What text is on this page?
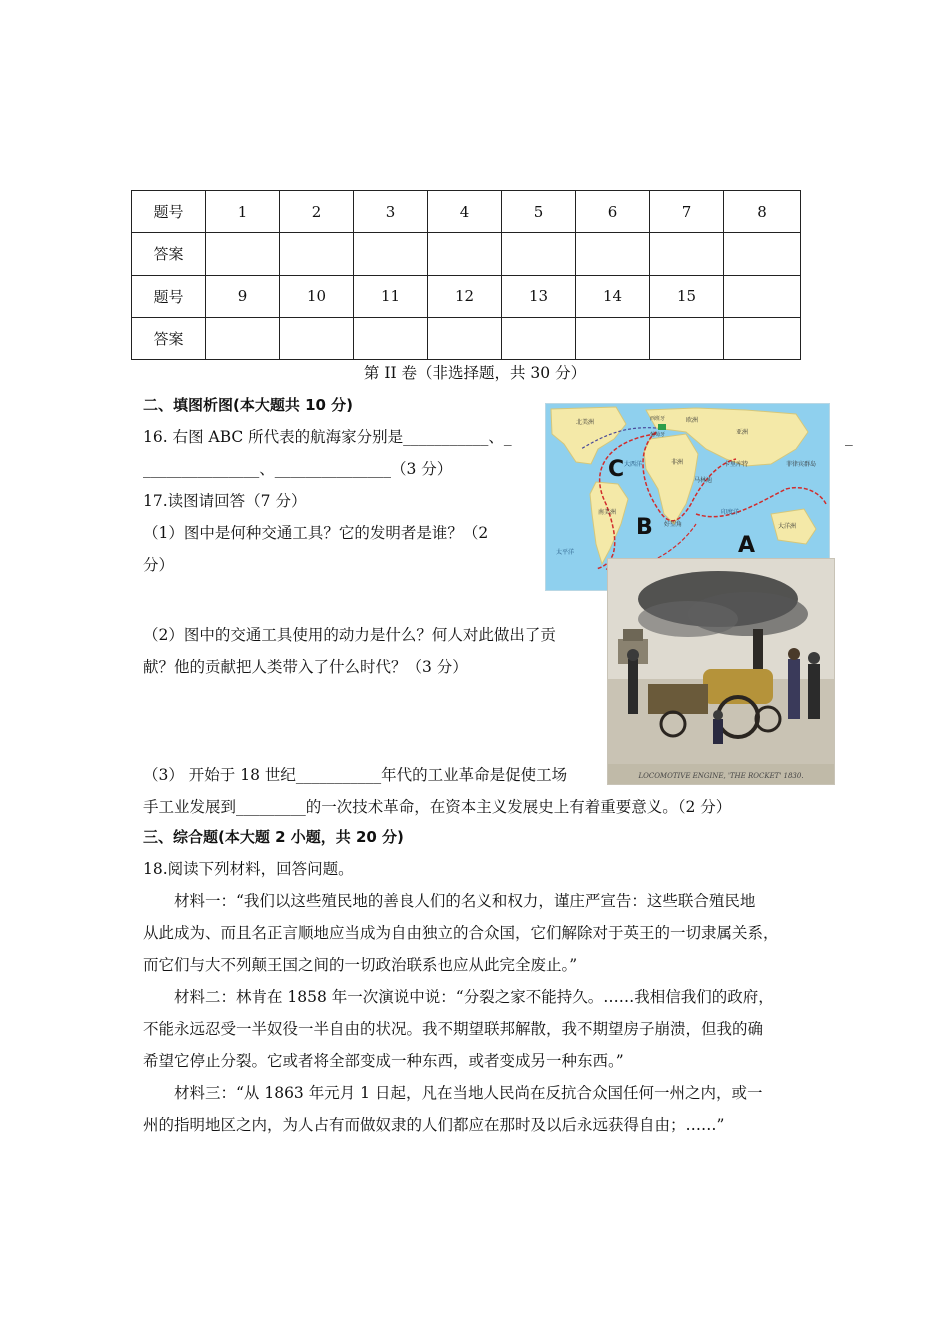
题号	1	2	3	4	5	6	7	8
答案								
题号	9	10	11	12	13	14	15	
答案								
第 II 卷（非选择题，共 30 分）
二、填图析图(本大题共 10 分)
16. 右图 ABC 所代表的航海家分别是___________、_	_
_______________、_______________（3 分）
17.读图请回答（7 分）
（1）图中是何种交通工具？它的发明者是谁？（2
分）
（2）图中的交通工具使用的动力是什么？何人对此做出了贡
献？他的贡献把人类带入了什么时代？（3 分）
（3） 开始于 18 世纪___________年代的工业革命是促使工场
手工业发展到_________的一次技术革命，在资本主义发展史上有着重要意义。（2 分）
C
B
A
北美洲
亚洲
非洲
欧洲
南美洲
大洋洲
好望角
马林迪
卡里库特	菲律宾群岛
西班牙
葡萄牙
大西洋
太平洋
印度洋
LOCOMOTIVE ENGINE, 'THE ROCKET' 1830.
三、综合题(本大题 2 小题，共 20 分)
18.阅读下列材料，回答问题。
材料一：“我们以这些殖民地的善良人们的名义和权力，谨庄严宣告：这些联合殖民地
从此成为、而且名正言顺地应当成为自由独立的合众国，它们解除对于英王的一切隶属关系，
而它们与大不列颠王国之间的一切政治联系也应从此完全废止。”
材料二：林肯在 1858 年一次演说中说：“分裂之家不能持久。……我相信我们的政府，
不能永远忍受一半奴役一半自由的状况。我不期望联邦解散，我不期望房子崩溃，但我的确
希望它停止分裂。它或者将全部变成一种东西，或者变成另一种东西。”
材料三：“从 1863 年元月 1 日起，凡在当地人民尚在反抗合众国任何一州之内，或一
州的指明地区之内，为人占有而做奴隶的人们都应在那时及以后永远获得自由；……”
